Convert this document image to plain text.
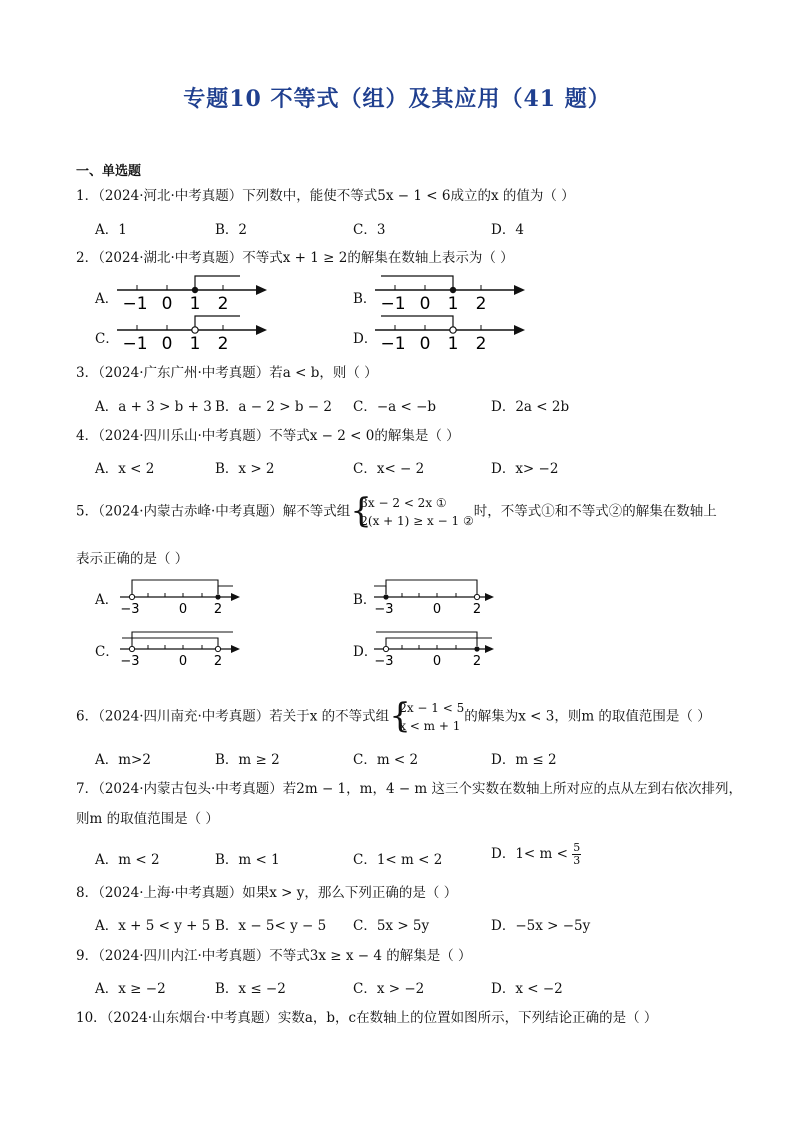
专题10 不等式（组）及其应用（41 题）
一、单选题
1．（2024·河北·中考真题）下列数中，能使不等式5x − 1 < 6成立的x 的值为（ ）
A．1	B．2	C．3	D．4
2．（2024·湖北·中考真题）不等式x + 1 ≥ 2的解集在数轴上表示为（ ）
A．	B．
C．	D．
−1 0 1 2	−1 0 1 2
−1 0 1 2	−1 0 1 2
3．（2024·广东广州·中考真题）若a < b，则（ ）
A．a + 3 > b + 3 B．a − 2 > b − 2 C．−a < −b	D．2a < 2b
4．（2024·四川乐山·中考真题）不等式x − 2 < 0的解集是（ ）
A．x < 2	B．x > 2	C．x< − 2	D．x> −2
5．（2024·内蒙古赤峰·中考真题）解不等式组 {
3x − 2 < 2x ①
2(x + 1) ≥ x − 1 ②
时，不等式①和不等式②的解集在数轴上
表示正确的是（ ）
A．	B．
C．	D．
−3	0 2	−3	0 2
−3	0 2	−3	0 2
6．（2024·四川南充·中考真题）若关于x 的不等式组 {
2x − 1 < 5
x < m + 1
的解集为x < 3，则m 的取值范围是（ ）
A．m>2	B．m ≥ 2	C．m < 2	D．m ≤ 2
7．（2024·内蒙古包头·中考真题）若2m − 1，m，4 − m 这三个实数在数轴上所对应的点从左到右依次排列，
则m 的取值范围是（ ）
A．m < 2	B．m < 1	C．1< m < 2	D．$1< m < \frac{5}{3}$
8．（2024·上海·中考真题）如果x > y，那么下列正确的是（ ）
A．x + 5 < y + 5 B．x − 5< y − 5 C．5x > 5y	D．−5x > −5y
9．（2024·四川内江·中考真题）不等式3x ≥ x − 4 的解集是（ ）
A．x ≥ −2	B．x ≤ −2	C．x > −2	D．x < −2
10．（2024·山东烟台·中考真题）实数a，b，c在数轴上的位置如图所示，下列结论正确的是（ ）
